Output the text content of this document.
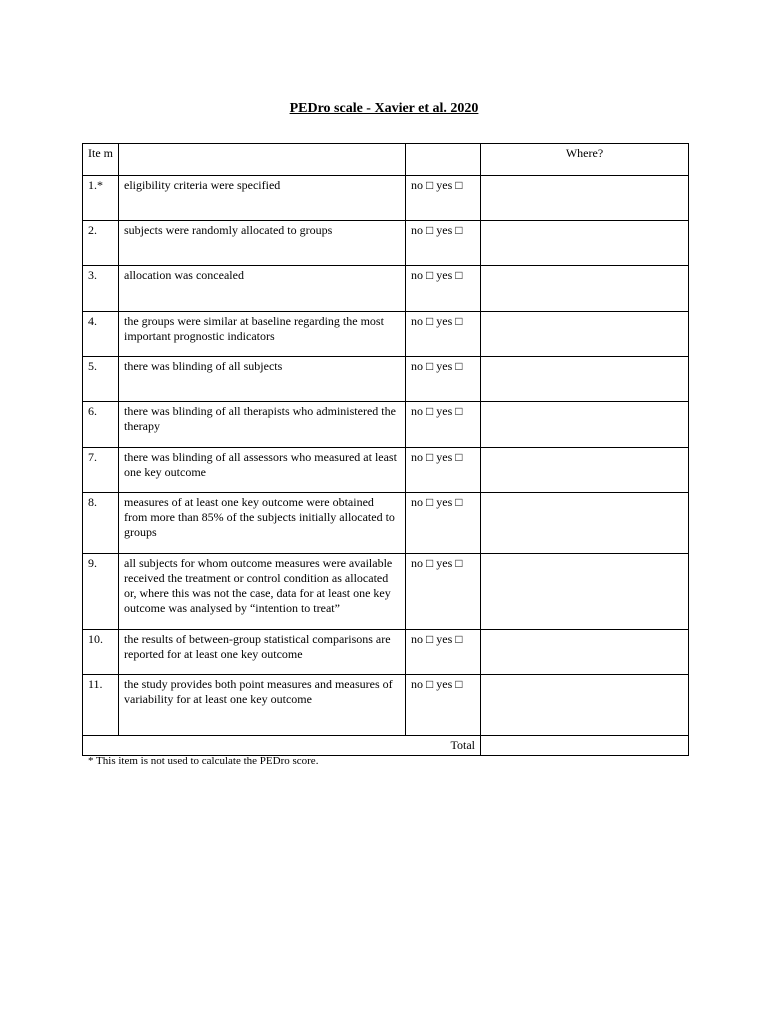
PEDro scale - Xavier et al. 2020
Ite m			Where?
1.*	eligibility criteria were specified	no □ yes □	
2.	subjects were randomly allocated to groups	no □ yes □	
3.	allocation was concealed	no □ yes □	
4.	the groups were similar at baseline regarding the most important prognostic indicators	no □ yes □	
5.	there was blinding of all subjects	no □ yes □	
6.	there was blinding of all therapists who administered the therapy	no □ yes □	
7.	there was blinding of all assessors who measured at least one key outcome	no □ yes □	
8.	measures of at least one key outcome were obtained from more than 85% of the subjects initially allocated to groups	no □ yes □	
9.	all subjects for whom outcome measures were available received the treatment or control condition as allocated or, where this was not the case, data for at least one key outcome was analysed by “intention to treat”	no □ yes □	
10.	the results of between-group statistical comparisons are reported for at least one key outcome	no □ yes □	
11.	the study provides both point measures and measures of variability for at least one key outcome	no □ yes □	
Total			
* This item is not used to calculate the PEDro score.
